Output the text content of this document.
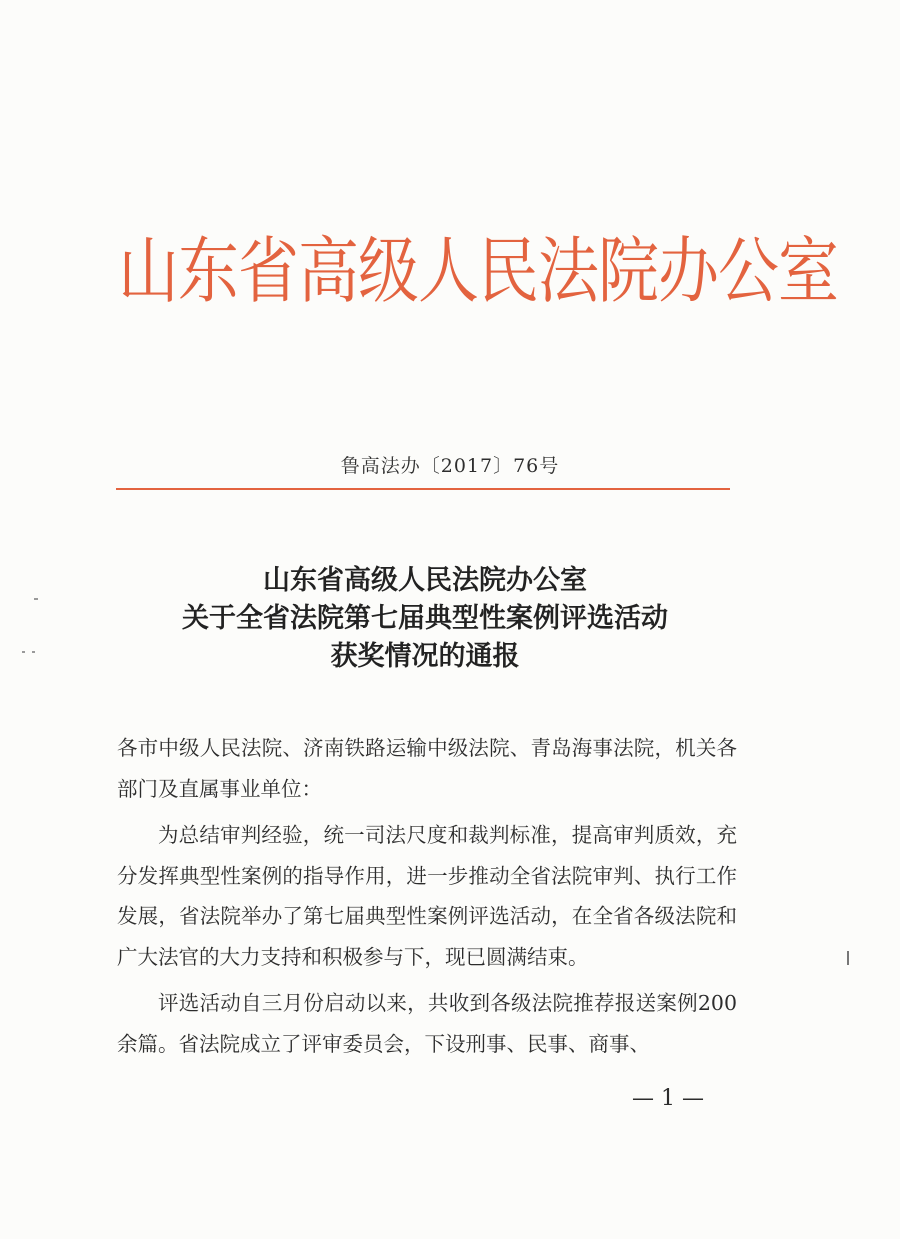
山东省高级人民法院办公室
鲁高法办〔2017〕76号
山东省高级人民法院办公室
关于全省法院第七届典型性案例评选活动
获奖情况的通报

各市中级人民法院、济南铁路运输中级法院、青岛海事法院，机关各部门及直属事业单位：

为总结审判经验，统一司法尺度和裁判标准，提高审判质效，充分发挥典型性案例的指导作用，进一步推动全省法院审判、执行工作发展，省法院举办了第七届典型性案例评选活动，在全省各级法院和广大法官的大力支持和积极参与下，现已圆满结束。

评选活动自三月份启动以来，共收到各级法院推荐报送案例200 余篇。省法院成立了评审委员会，下设刑事、民事、商事、

— 1 —
